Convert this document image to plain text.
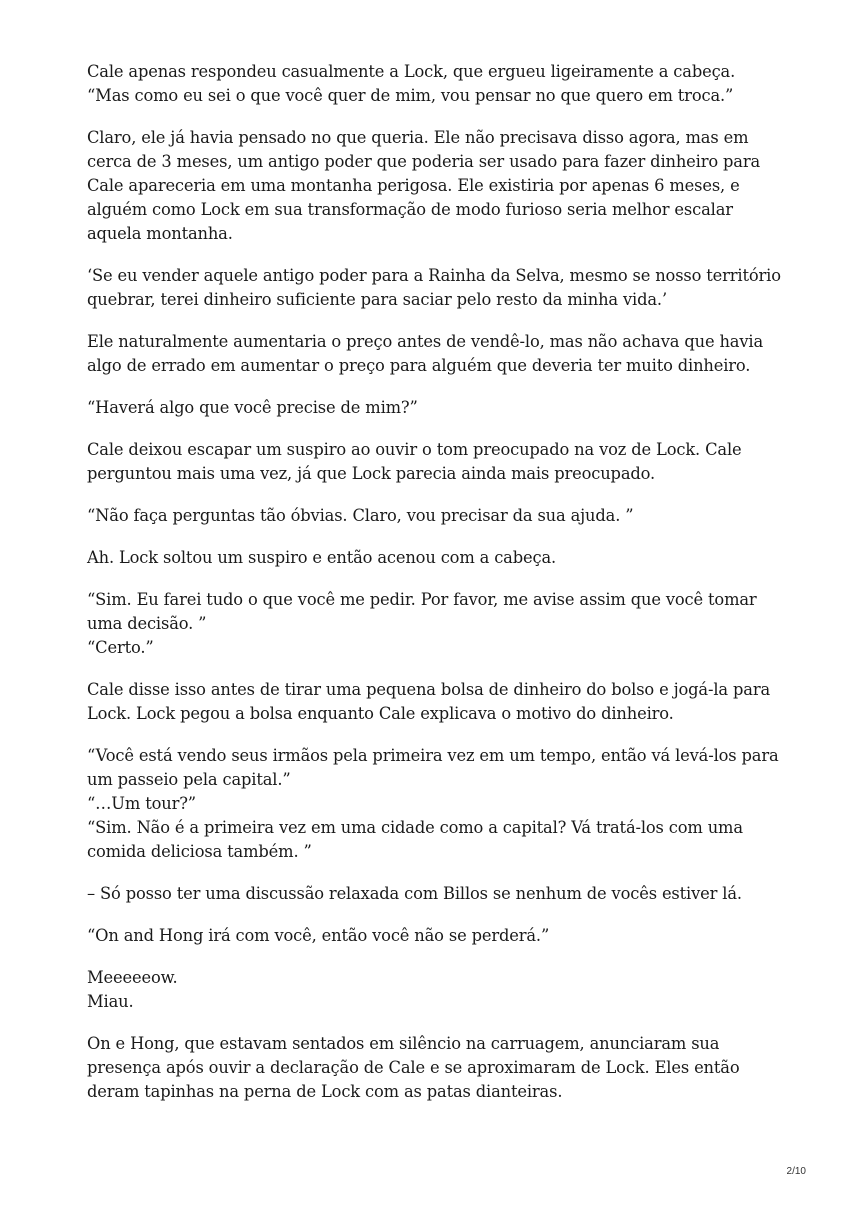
Cale apenas respondeu casualmente a Lock, que ergueu ligeiramente a cabeça.
“Mas como eu sei o que você quer de mim, vou pensar no que quero em troca.”

Claro, ele já havia pensado no que queria. Ele não precisava disso agora, mas em cerca de 3 meses, um antigo poder que poderia ser usado para fazer dinheiro para Cale apareceria em uma montanha perigosa. Ele existiria por apenas 6 meses, e alguém como Lock em sua transformação de modo furioso seria melhor escalar aquela montanha.

‘Se eu vender aquele antigo poder para a Rainha da Selva, mesmo se nosso território quebrar, terei dinheiro suficiente para saciar pelo resto da minha vida.’

Ele naturalmente aumentaria o preço antes de vendê-lo, mas não achava que havia algo de errado em aumentar o preço para alguém que deveria ter muito dinheiro.

“Haverá algo que você precise de mim?”

Cale deixou escapar um suspiro ao ouvir o tom preocupado na voz de Lock. Cale perguntou mais uma vez, já que Lock parecia ainda mais preocupado.

“Não faça perguntas tão óbvias. Claro, vou precisar da sua ajuda. ”

Ah. Lock soltou um suspiro e então acenou com a cabeça.

“Sim. Eu farei tudo o que você me pedir. Por favor, me avise assim que você tomar uma decisão. ”
“Certo.”

Cale disse isso antes de tirar uma pequena bolsa de dinheiro do bolso e jogá-la para Lock. Lock pegou a bolsa enquanto Cale explicava o motivo do dinheiro.

“Você está vendo seus irmãos pela primeira vez em um tempo, então vá levá-los para um passeio pela capital.”
“…Um tour?”
“Sim. Não é a primeira vez em uma cidade como a capital? Vá tratá-los com uma comida deliciosa também. ”

– Só posso ter uma discussão relaxada com Billos se nenhum de vocês estiver lá.

“On and Hong irá com você, então você não se perderá.”

Meeeeeow.
Miau.

On e Hong, que estavam sentados em silêncio na carruagem, anunciaram sua presença após ouvir a declaração de Cale e se aproximaram de Lock. Eles então deram tapinhas na perna de Lock com as patas dianteiras.

2/10
